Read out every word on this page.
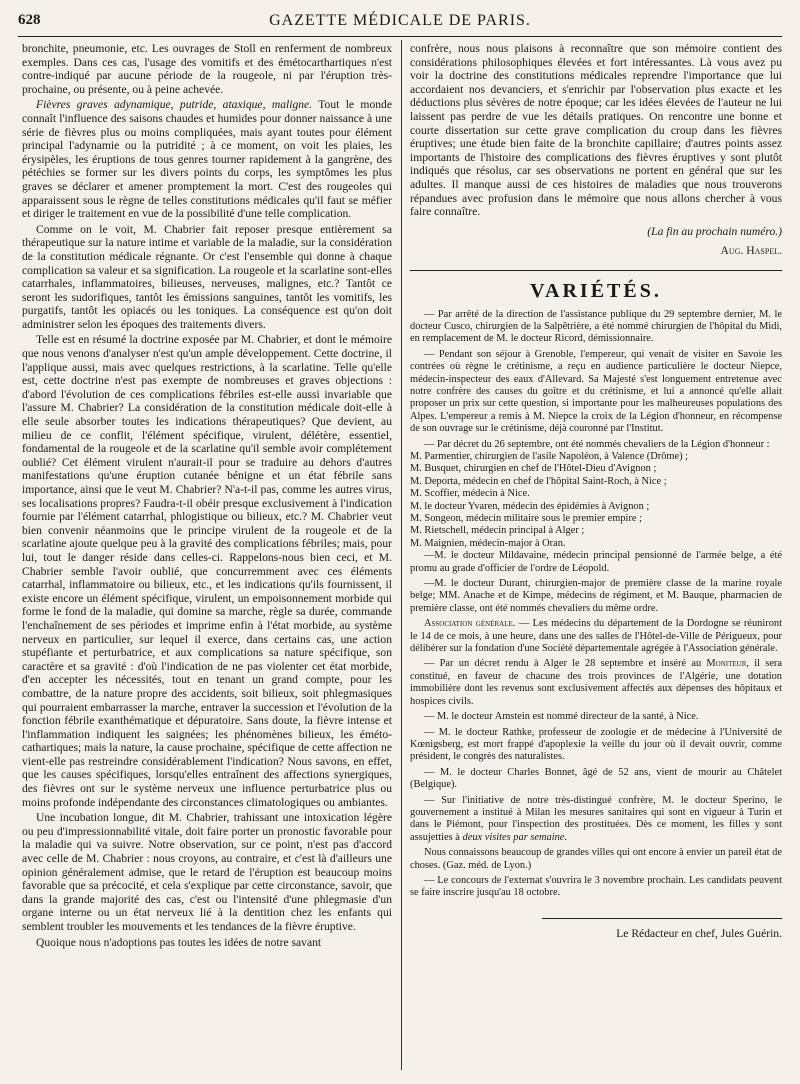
628	GAZETTE MÉDICALE DE PARIS.

bronchite, pneumonie, etc. Les ouvrages de Stoll en renferment de nombreux exemples. Dans ces cas, l'usage des vomitifs et des émétocarthartiques n'est contre-indiqué par aucune période de la rougeole, ni par l'éruption très-prochaine, ou présente, ou à peine achevée.

Fièvres graves adynamique, putride, ataxique, maligne. Tout le monde connaît l'influence des saisons chaudes et humides pour donner naissance à une série de fièvres plus ou moins compliquées, mais ayant toutes pour élément principal l'adynamie ou la putridité ; à ce moment, on voit les plaies, les érysipèles, les éruptions de tous genres tourner rapidement à la gangrène, des pétéchies se former sur les divers points du corps, les symptômes les plus graves se déclarer et amener promptement la mort. C'est des rougeoles qui apparaissent sous le règne de telles constitutions médicales qu'il faut se méfier et diriger le traitement en vue de la possibilité d'une telle complication.

Comme on le voit, M. Chabrier fait reposer presque entièrement sa thérapeutique sur la nature intime et variable de la maladie, sur la considération de la constitution médicale régnante. Or c'est l'ensemble qui donne à chaque complication sa valeur et sa signification. La rougeole et la scarlatine sont-elles catarrhales, inflammatoires, bilieuses, nerveuses, malignes, etc.? Tantôt ce seront les sudorifiques, tantôt les émissions sanguines, tantôt les vomitifs, les purgatifs, tantôt les opiacés ou les toniques. La conséquence est qu'on doit administrer selon les époques des traitements divers.

Telle est en résumé la doctrine exposée par M. Chabrier, et dont le mémoire que nous venons d'analyser n'est qu'un ample développement. Cette doctrine, il l'applique aussi, mais avec quelques restrictions, à la scarlatine. Telle qu'elle est, cette doctrine n'est pas exempte de nombreuses et graves objections : d'abord l'évolution de ces complications fébriles est-elle aussi invariable que l'assure M. Chabrier? La considération de la constitution médicale doit-elle à elle seule absorber toutes les indications thérapeutiques? Que devient, au milieu de ce conflit, l'élément spécifique, virulent, délétère, essentiel, fondamental de la rougeole et de la scarlatine qu'il semble avoir complétement oublié? Cet élément virulent n'aurait-il pour se traduire au dehors d'autres manifestations qu'une éruption cutanée bénigne et un état fébrile sans importance, ainsi que le veut M. Chabrier? N'a-t-il pas, comme les autres virus, ses localisations propres? Faudra-t-il obéir presque exclusivement à l'indication fournie par l'élément catarrhal, phlogistique ou bilieux, etc.? M. Chabrier veut bien convenir néanmoins que le principe virulent de la rougeole et de la scarlatine ajoute quelque peu à la gravité des complications fébriles; mais, pour lui, tout le danger réside dans celles-ci. Rappelons-nous bien ceci, et M. Chabrier semble l'avoir oublié, que concurremment avec ces éléments catarrhal, inflammatoire ou bilieux, etc., et les indications qu'ils fournissent, il existe encore un élément spécifique, virulent, un empoisonnement morbide qui forme le fond de la maladie, qui domine sa marche, règle sa durée, commande l'enchaînement de ses périodes et imprime enfin à l'état morbide, au système nerveux en particulier, sur lequel il exerce, dans certains cas, une action stupéfiante et perturbatrice, et aux complications sa nature spécifique, son caractère et sa gravité : d'où l'indication de ne pas violenter cet état morbide, d'en accepter les nécessités, tout en tenant un grand compte, pour les combattre, de la nature propre des accidents, soit bilieux, soit phlegmasiques qui pourraient embarrasser la marche, entraver la succession et l'évolution de la fonction fébrile exanthématique et dépuratoire. Sans doute, la fièvre intense et l'inflammation indiquent les saignées; les phénomènes bilieux, les éméto-cathartiques; mais la nature, la cause prochaine, spécifique de cette affection ne vient-elle pas restreindre considérablement l'indication? Nous savons, en effet, que les causes spécifiques, lorsqu'elles entraînent des affections synergiques, des fièvres ont sur le système nerveux une influence perturbatrice plus ou moins profonde indépendante des circonstances climatologiques ou ambiantes.

Une incubation longue, dit M. Chabrier, trahissant une intoxication légère ou peu d'impressionnabilité vitale, doit faire porter un pronostic favorable pour la maladie qui va suivre. Notre observation, sur ce point, n'est pas d'accord avec celle de M. Chabrier : nous croyons, au contraire, et c'est là d'ailleurs une opinion généralement admise, que le retard de l'éruption est beaucoup moins favorable que sa précocité, et cela s'explique par cette circonstance, savoir, que dans la grande majorité des cas, c'est ou l'intensité d'une phlegmasie d'un organe interne ou un état nerveux lié à la dentition chez les enfants qui semblent troubler les mouvements et les tendances de la fièvre éruptive.

Quoique nous n'adoptions pas toutes les idées de notre savant

confrère, nous nous plaisons à reconnaître que son mémoire contient des considérations philosophiques élevées et fort intéressantes. Là vous avez pu voir la doctrine des constitutions médicales reprendre l'importance que lui accordaient nos devanciers, et s'enrichir par l'observation plus exacte et les déductions plus sévères de notre époque; car les idées élevées de l'auteur ne lui laissent pas perdre de vue les détails pratiques. On rencontre une bonne et courte dissertation sur cette grave complication du croup dans les fièvres éruptives; une étude bien faite de la bronchite capillaire; d'autres points assez importants de l'histoire des complications des fièvres éruptives y sont plutôt indiqués que résolus, car ses observations ne portent en général que sur les adultes. Il manque aussi de ces histoires de maladies que nous trouverons répandues avec profusion dans le mémoire que nous allons chercher à vous faire connaître.

(La fin au prochain numéro.)

Aug. Haspel.

VARIÉTÉS.

— Par arrêté de la direction de l'assistance publique du 29 septembre dernier, M. le docteur Cusco, chirurgien de la Salpêtrière, a été nommé chirurgien de l'hôpital du Midi, en remplacement de M. le docteur Ricord, démissionnaire.

— Pendant son séjour à Grenoble, l'empereur, qui venait de visiter en Savoie les contrées où règne le crétinisme, a reçu en audience particulière le docteur Niepce, médecin-inspecteur des eaux d'Allevard. Sa Majesté s'est longuement entretenue avec notre confrère des causes du goître et du crétinisme, et lui a annoncé qu'elle allait proposer un prix sur cette question, si importante pour les malheureuses populations des Alpes. L'empereur a remis à M. Niepce la croix de la Légion d'honneur, en récompense de son ouvrage sur le crétinisme, déjà couronné par l'Institut.

— Par décret du 26 septembre, ont été nommés chevaliers de la Légion d'honneur :

M. Parmentier, chirurgien de l'asile Napoléon, à Valence (Drôme) ;
M. Busquet, chirurgien en chef de l'Hôtel-Dieu d'Avignon ;
M. Deporta, médecin en chef de l'hôpital Saint-Roch, à Nice ;
M. Scoffier, médecin à Nice.
M. le docteur Yvaren, médecin des épidémies à Avignon ;
M. Songeon, médecin militaire sous le premier empire ;
M. Rietschell, médecin principal à Alger ;
M. Maignien, médecin-major à Oran.

—M. le docteur Mildavaine, médecin principal pensionné de l'armée belge, a été promu au grade d'officier de l'ordre de Léopold.

—M. le docteur Durant, chirurgien-major de première classe de la marine royale belge; MM. Anache et de Kimpe, médecins de régiment, et M. Bauque, pharmacien de première classe, ont été nommés chevaliers du même ordre.

Association générale. — Les médecins du département de la Dordogne se réuniront le 14 de ce mois, à une heure, dans une des salles de l'Hôtel-de-Ville de Périgueux, pour délibérer sur la fondation d'une Société départementale agrégée à l'Association générale.

— Par un décret rendu à Alger le 28 septembre et inséré au Moniteur, il sera constitué, en faveur de chacune des trois provinces de l'Algérie, une dotation immobilière dont les revenus sont exclusivement affectés aux dépenses des hôpitaux et hospices civils.

— M. le docteur Amstein est nommé directeur de la santé, à Nice.

— M. le docteur Rathke, professeur de zoologie et de médecine à l'Université de Kœnigsberg, est mort frappé d'apoplexie la veille du jour où il devait ouvrir, comme président, le congrès des naturalistes.

— M. le docteur Charles Bonnet, âgé de 52 ans, vient de mourir au Châtelet (Belgique).

— Sur l'initiative de notre très-distingué confrère, M. le docteur Sperino, le gouvernement a institué à Milan les mesures sanitaires qui sont en vigueur à Turin et dans le Piémont, pour l'inspection des prostituées. Dès ce moment, les filles y sont assujetties à deux visites par semaine.

Nous connaissons beaucoup de grandes villes qui ont encore à envier un pareil état de choses. (Gaz. méd. de Lyon.)

— Le concours de l'externat s'ouvrira le 3 novembre prochain. Les candidats peuvent se faire inscrire jusqu'au 18 octobre.

Le Rédacteur en chef, Jules Guérin.
